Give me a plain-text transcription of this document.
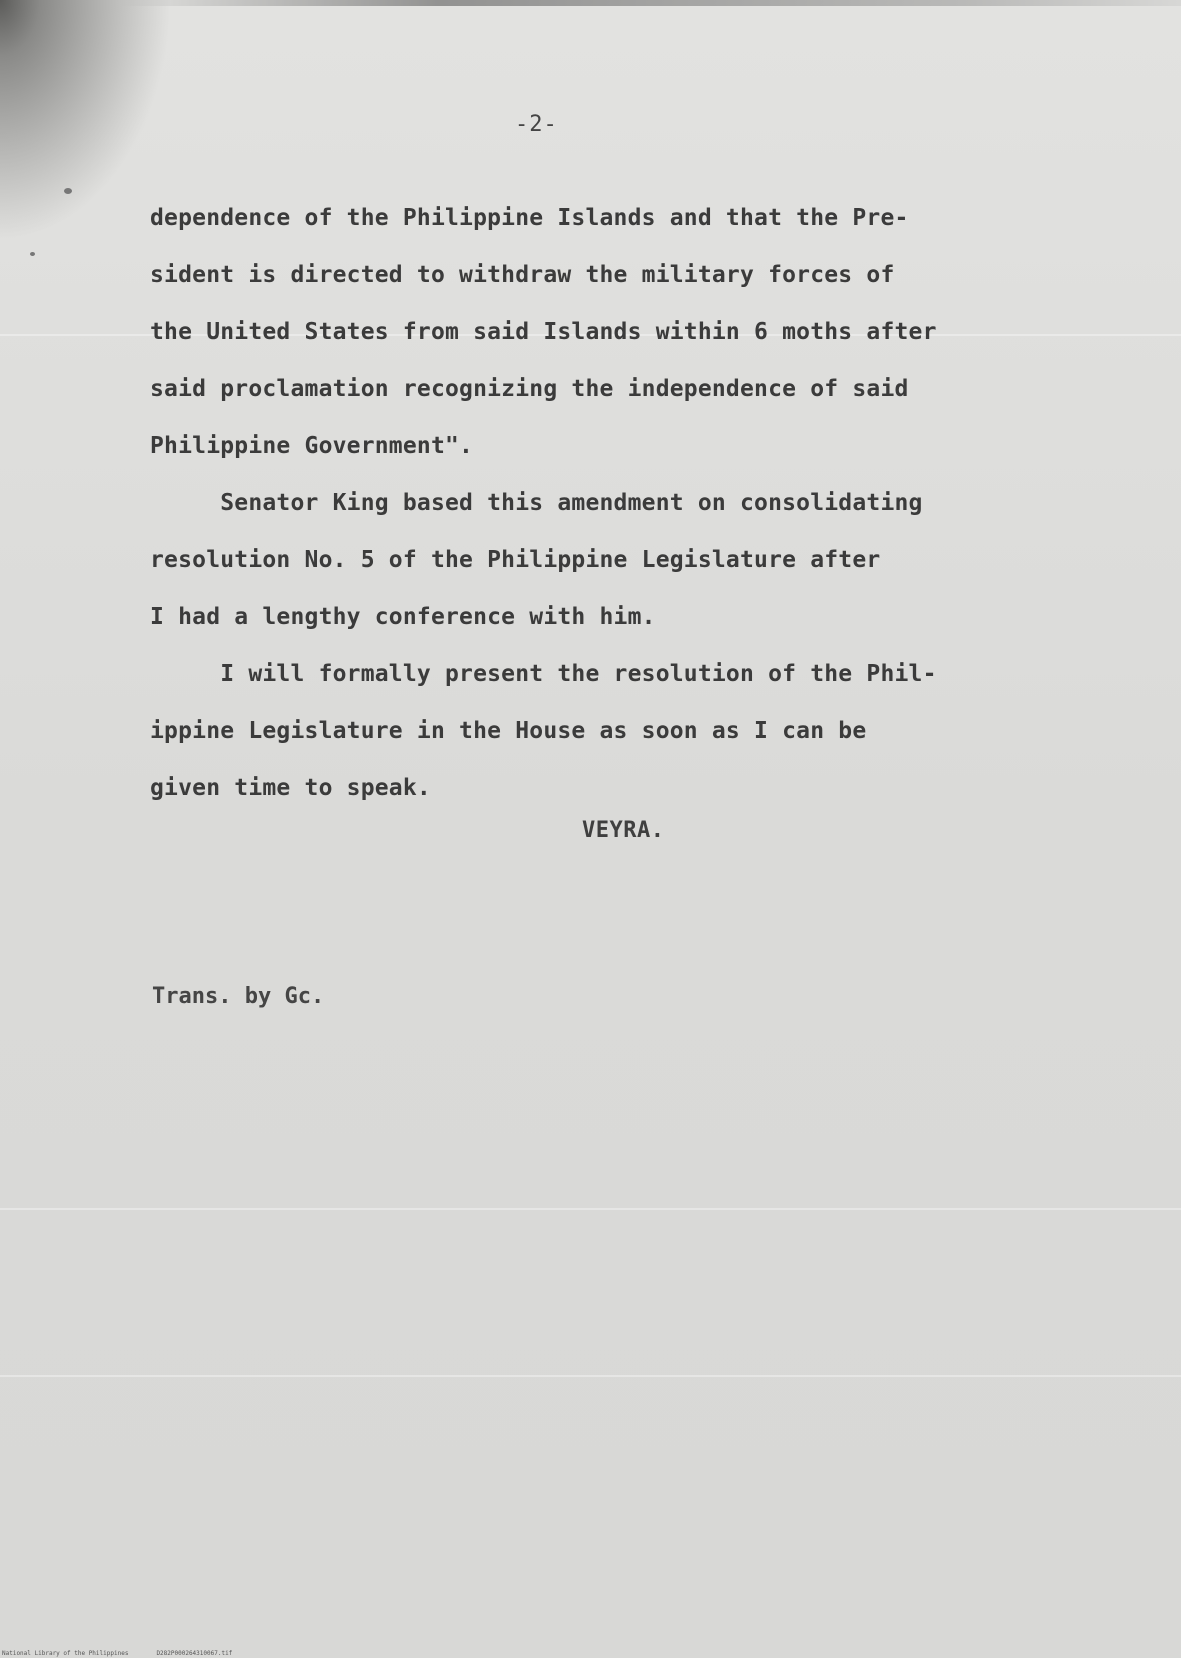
-2-
dependence of the Philippine Islands and that the Pre-
sident is directed to withdraw the military forces of
the United States from said Islands within 6 moths after
said proclamation recognizing the independence of said
Philippine Government".
Senator King based this amendment on consolidating
resolution No. 5 of the Philippine Legislature after
I had a lengthy conference with him.
I will formally present the resolution of the Phil-
ippine Legislature in the House as soon as I can be
given time to speak.
VEYRA.
Trans. by Gc.
National Library of the Philippines	D282P000264310067.tif
